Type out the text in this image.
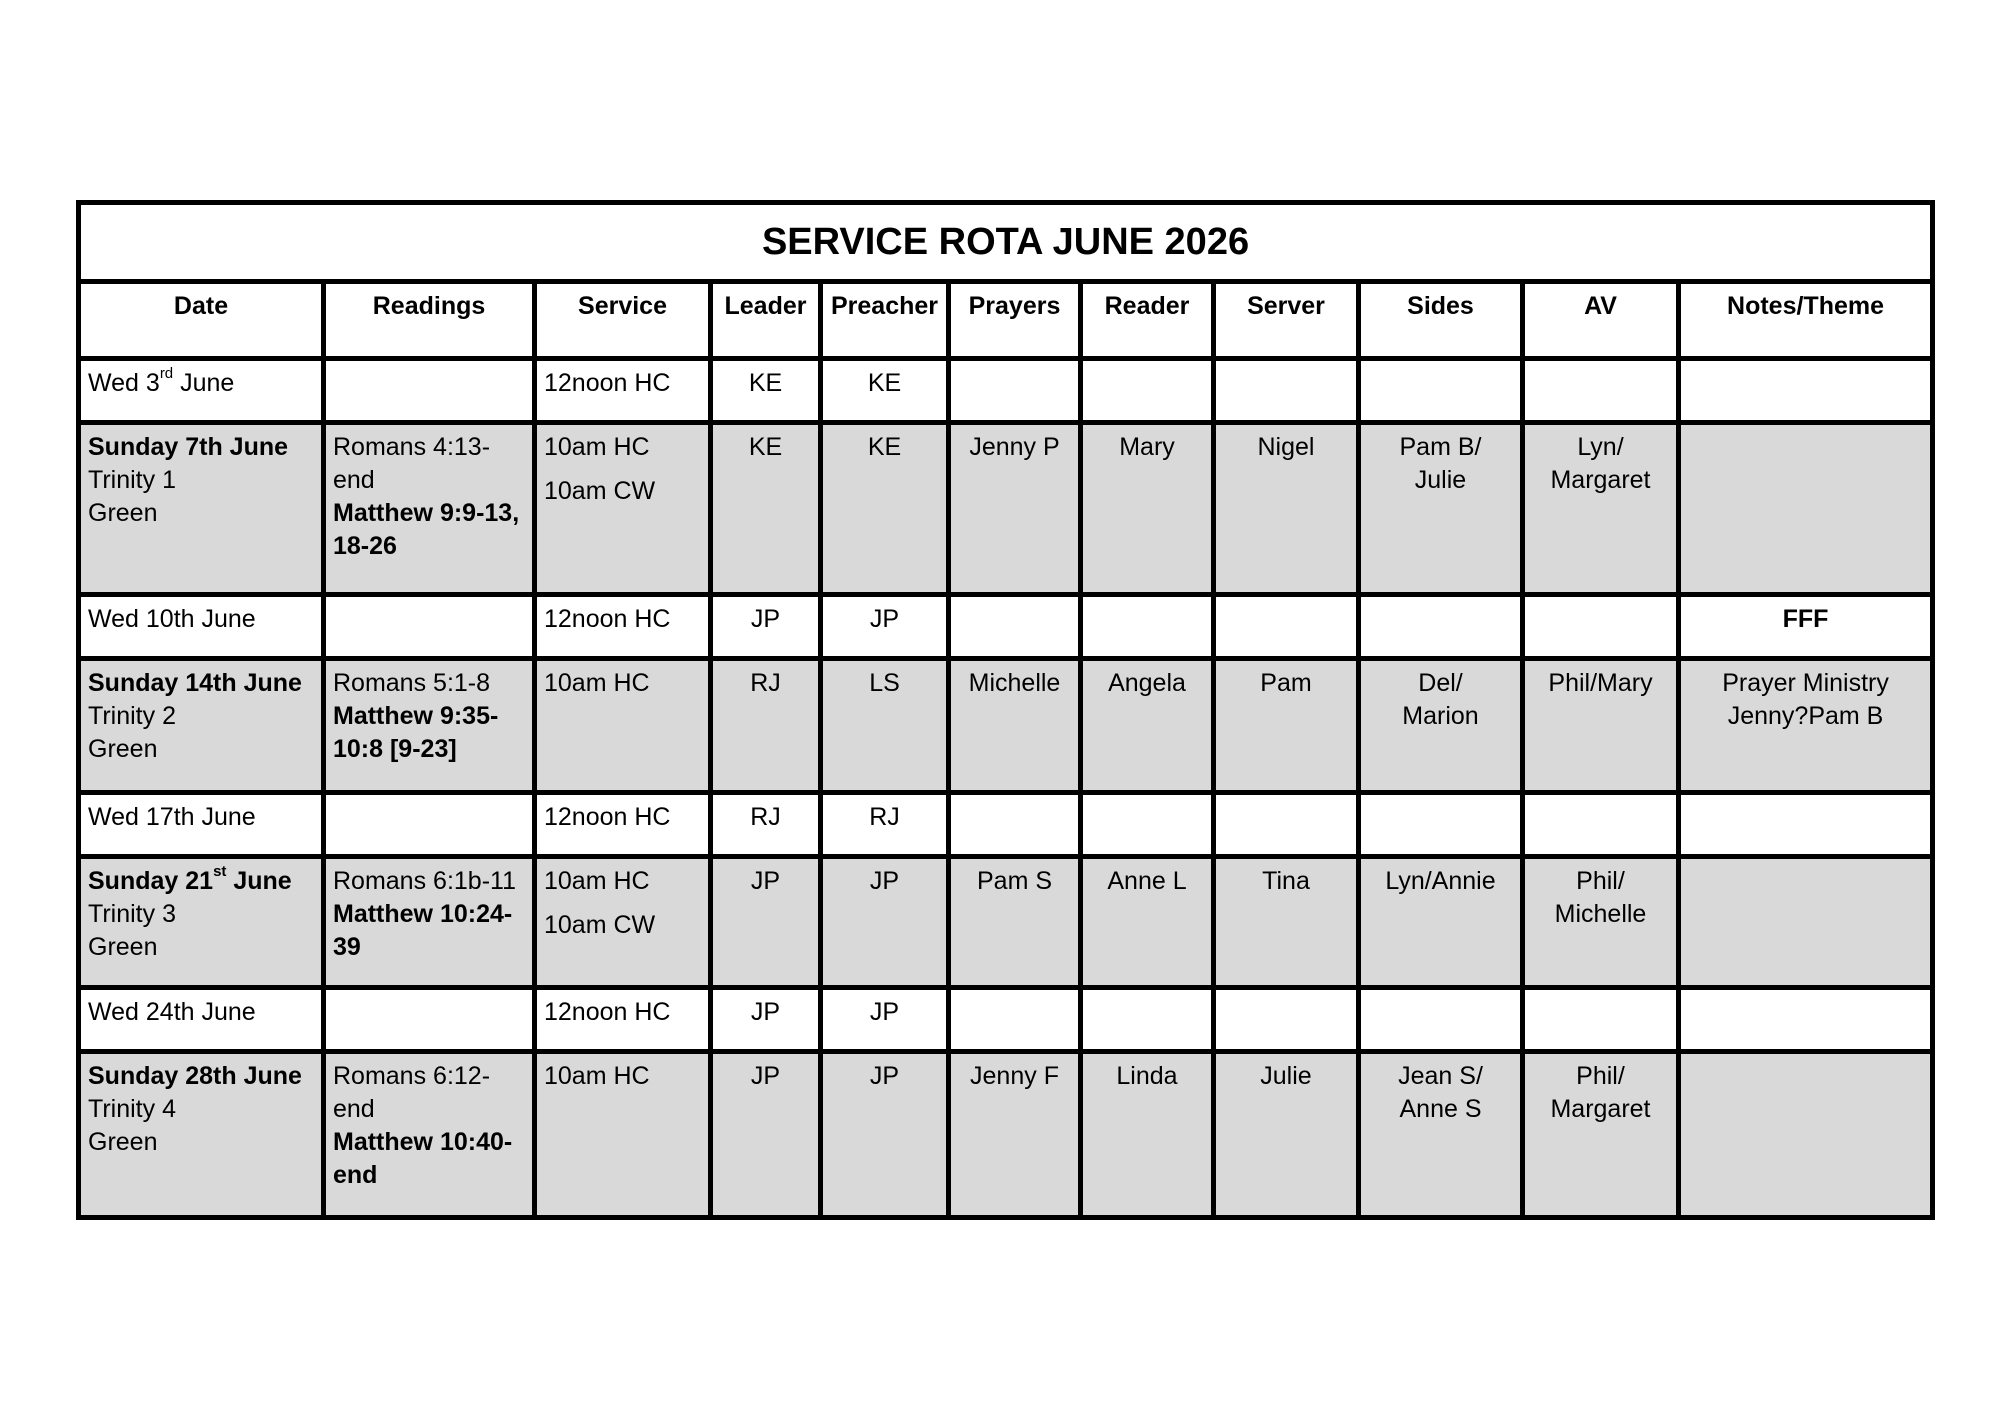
SERVICE ROTA JUNE 2026										
Date	Readings	Service	Leader	Preacher	Prayers	Reader	Server	Sides	AV	Notes/Theme
Wed 3rd June		12noon HC	KE	KE						

Sunday 7th June
Trinity 1
Green	Romans 4:13-end
Matthew 9:9-13, 18-26	10am HC
10am CW	KE	KE	Jenny P	Mary	Nigel	Pam B/
Julie	Lyn/
Margaret	

Wed 10th June		12noon HC	JP	JP						FFF

Sunday 14th June
Trinity 2
Green	Romans 5:1-8
Matthew 9:35-10:8 [9-23]	10am HC	RJ	LS	Michelle	Angela	Pam	Del/
Marion	Phil/Mary	Prayer Ministry
Jenny?Pam B

Wed 17th June		12noon HC	RJ	RJ						

Sunday 21st June
Trinity 3
Green	Romans 6:1b-11
Matthew 10:24-39	10am HC
10am CW	JP	JP	Pam S	Anne L	Tina	Lyn/Annie	Phil/
Michelle	

Wed 24th June		12noon HC	JP	JP						

Sunday 28th June
Trinity 4
Green	Romans 6:12-end
Matthew 10:40-end	10am HC	JP	JP	Jenny F	Linda	Julie	Jean S/
Anne S	Phil/
Margaret	
